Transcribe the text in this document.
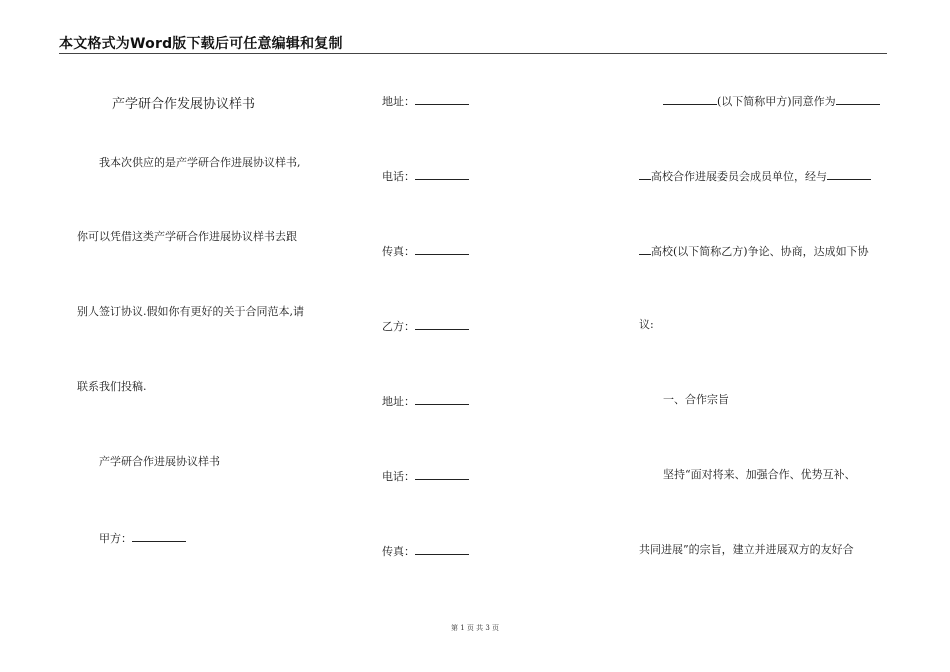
本文格式为Word版下载后可任意编辑和复制
产学研合作发展协议样书
我本次供应的是产学研合作进展协议样书,
你可以凭借这类产学研合作进展协议样书去跟
别人签订协议.假如你有更好的关于合同范本,请
联系我们投稿.
产学研合作进展协议样书
甲方：
地址：
电话：
传真：
乙方：
地址：
电话：
传真：
(以下简称甲方)同意作为
高校合作进展委员会成员单位，经与
高校(以下简称乙方)争论、协商，达成如下协
议:
一、合作宗旨
坚持“面对将来、加强合作、优势互补、
共同进展”的宗旨，建立并进展双方的友好合
第 1 页 共 3 页
